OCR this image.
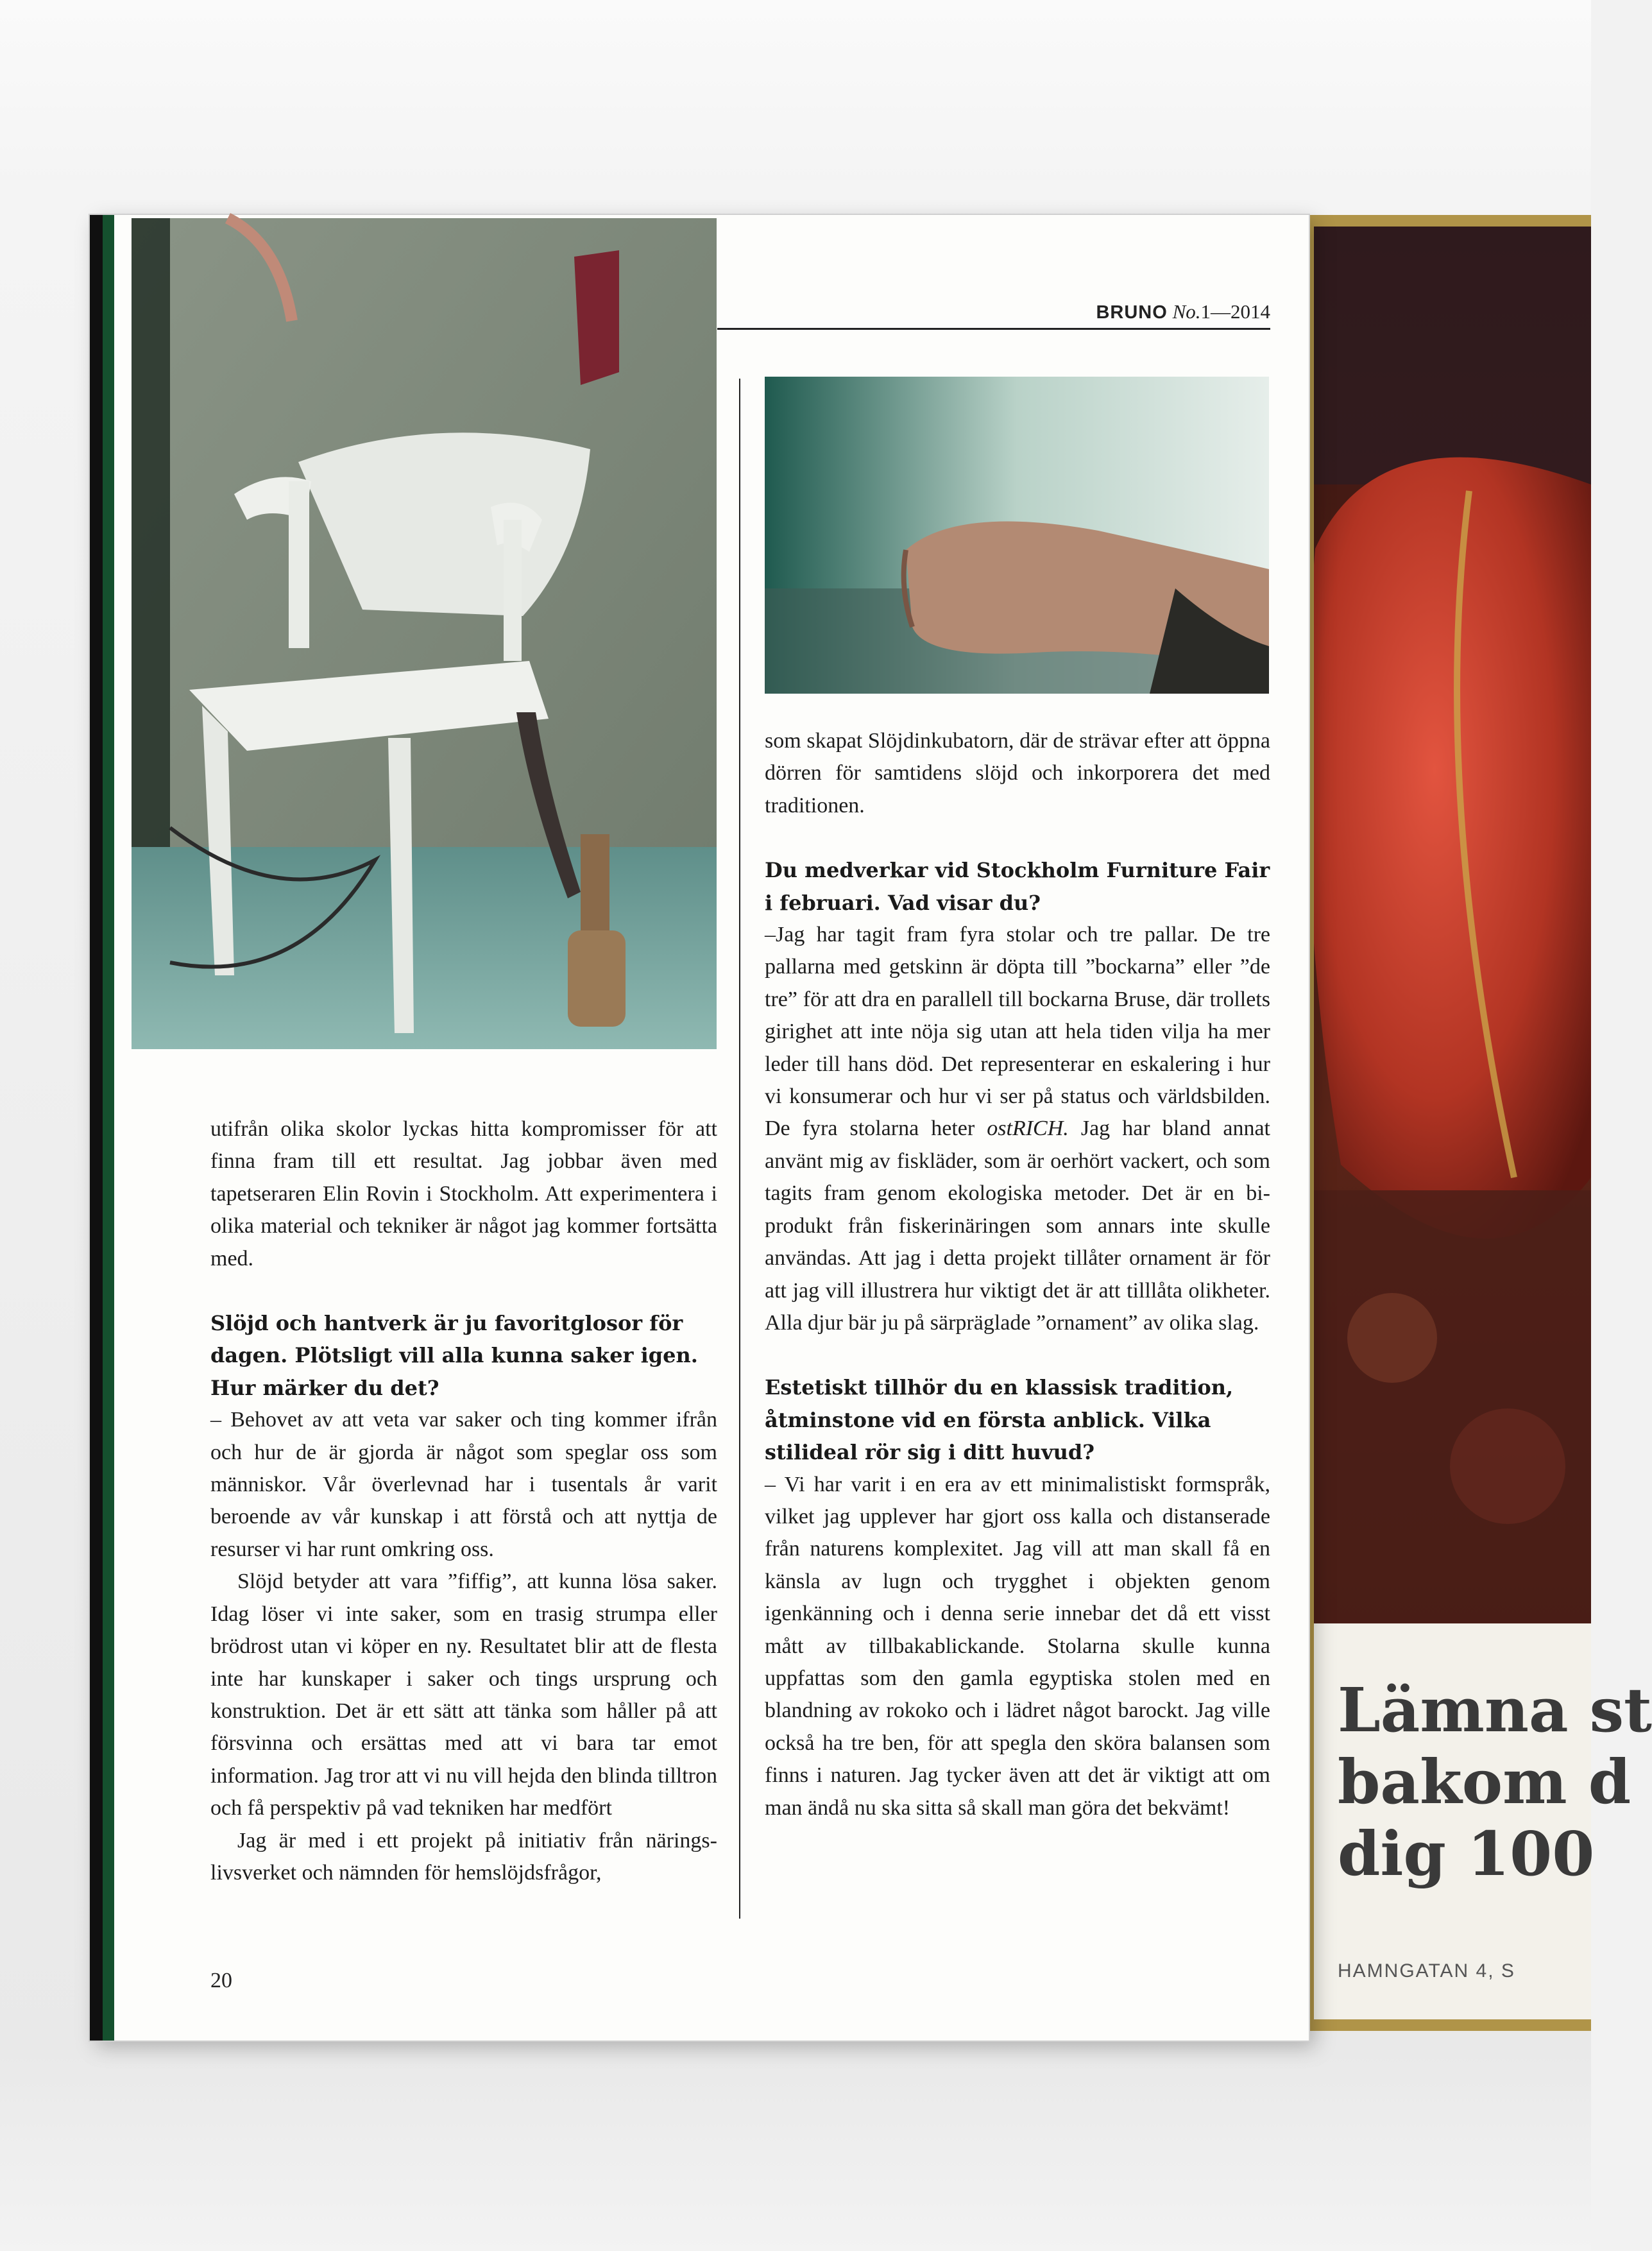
Lämna st
bakom d
dig 100
HAMNGATAN 4, S
BRUNO No.1—2014

utifrån olika skolor lyckas hitta kompromisser för att finna fram till ett resultat. Jag jobbar även med tapetseraren Elin Rovin i Stockholm. Att experimentera i olika material och tekniker är något jag kommer fortsätta med.

Slöjd och hantverk är ju favoritglosor för dagen. Plötsligt vill alla kunna saker igen. Hur märker du det?

– Behovet av att veta var saker och ting kommer ifrån och hur de är gjorda är något som speglar oss som människor. Vår överlevnad har i tusentals år varit beroende av vår kunskap i att förstå och att nyttja de resurser vi har runt omkring oss.

Slöjd betyder att vara ”fiffig”, att kunna lösa saker. Idag löser vi inte saker, som en trasig strumpa eller brödrost utan vi köper en ny. Resultatet blir att de flesta inte har kunskaper i saker och tings ursprung och konstruktion. Det är ett sätt att tänka som håller på att försvinna och ersättas med att vi bara tar emot information. Jag tror att vi nu vill hejda den blinda tilltron och få perspektiv på vad tekniken har medfört

Jag är med i ett projekt på initiativ från näringslivsverket och nämnden för hemslöjdsfrågor,

som skapat Slöjdinkubatorn, där de strävar efter att öppna dörren för samtidens slöjd och inkorporera det med traditionen.

Du medverkar vid Stockholm Furniture Fair i februari. Vad visar du?

–Jag har tagit fram fyra stolar och tre pallar. De tre pallarna med getskinn är döpta till ”bockarna” eller ”de tre” för att dra en parallell till bockarna Bruse, där trollets girighet att inte nöja sig utan att hela tiden vilja ha mer leder till hans död. Det representerar en eskalering i hur vi konsumerar och hur vi ser på status och världsbilden. De fyra stolarna heter ostRICH. Jag har bland annat använt mig av fiskläder, som är oerhört vackert, och som tagits fram genom ekologiska metoder. Det är en biprodukt från fiskerinäringen som annars inte skulle användas. Att jag i detta projekt tillåter ornament är för att jag vill illustrera hur viktigt det är att tilllåta olikheter. Alla djur bär ju på särpräglade ”ornament” av olika slag.

Estetiskt tillhör du en klassisk tradition, åtminstone vid en första anblick. Vilka stilideal rör sig i ditt huvud?

– Vi har varit i en era av ett minimalistiskt formspråk, vilket jag upplever har gjort oss kalla och distanserade från naturens komplexitet. Jag vill att man skall få en känsla av lugn och trygghet i objekten genom igenkänning och i denna serie innebar det då ett visst mått av tillbakablickande. Stolarna skulle kunna uppfattas som den gamla egyptiska stolen med en blandning av rokoko och i lädret något barockt. Jag ville också ha tre ben, för att spegla den sköra balansen som finns i naturen. Jag tycker även att det är viktigt att om man ändå nu ska sitta så skall man göra det bekvämt!

20
